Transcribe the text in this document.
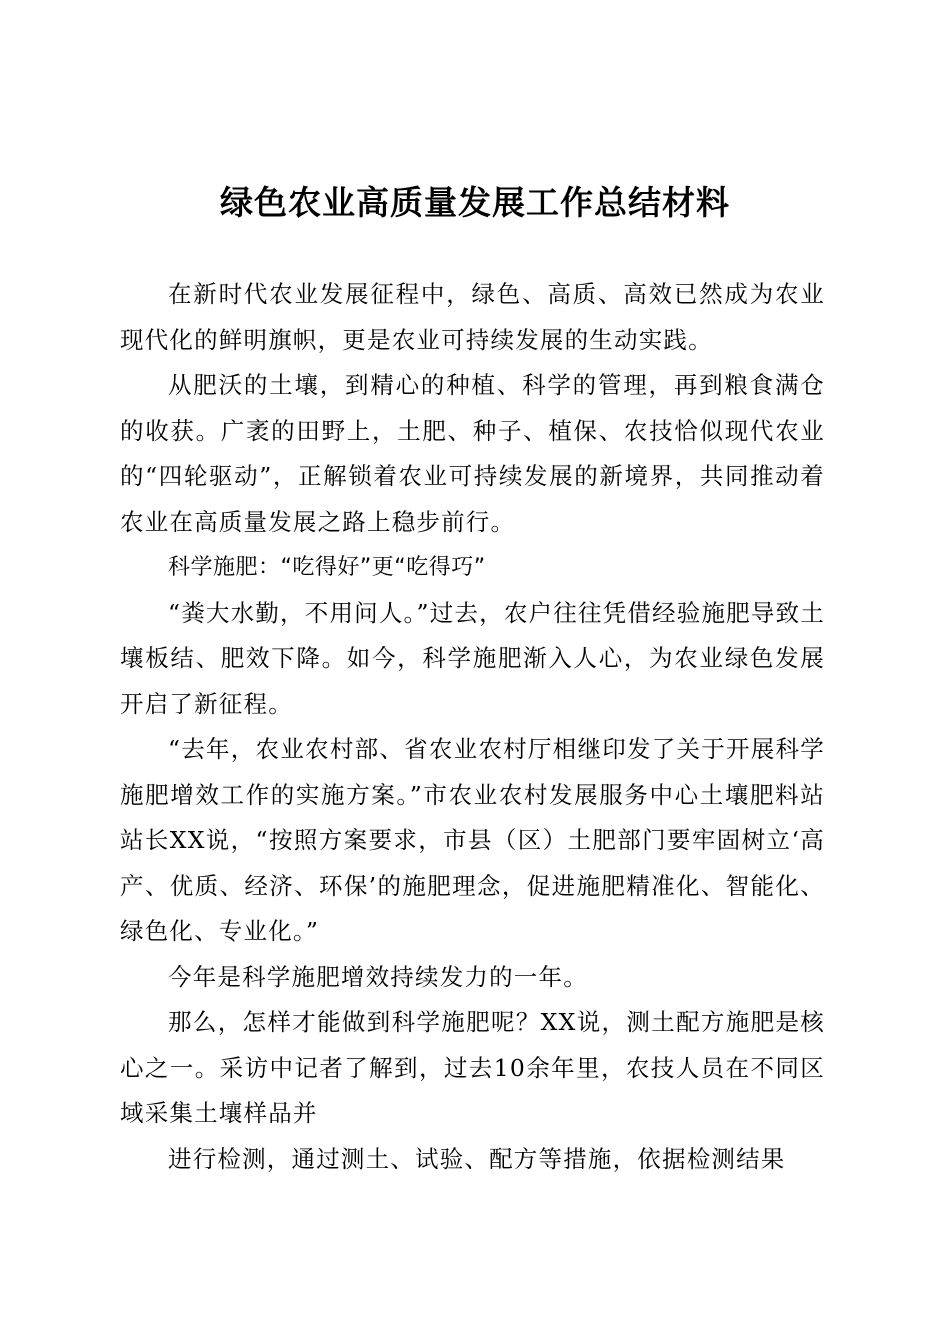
绿色农业高质量发展工作总结材料

在新时代农业发展征程中，绿色、高质、高效已然成为农业现代化的鲜明旗帜，更是农业可持续发展的生动实践。

从肥沃的土壤，到精心的种植、科学的管理，再到粮食满仓的收获。广袤的田野上，土肥、种子、植保、农技恰似现代农业的“四轮驱动”，正解锁着农业可持续发展的新境界，共同推动着农业在高质量发展之路上稳步前行。

科学施肥：“吃得好”更“吃得巧”

“粪大水勤，不用问人。”过去，农户往往凭借经验施肥导致土壤板结、肥效下降。如今，科学施肥渐入人心，为农业绿色发展开启了新征程。

“去年，农业农村部、省农业农村厅相继印发了关于开展科学施肥增效工作的实施方案。”市农业农村发展服务中心土壤肥料站站长XX说，“按照方案要求，市县（区）土肥部门要牢固树立‘高产、优质、经济、环保’的施肥理念，促进施肥精准化、智能化、绿色化、专业化。”

今年是科学施肥增效持续发力的一年。

那么，怎样才能做到科学施肥呢？XX说，测土配方施肥是核心之一。采访中记者了解到，过去10余年里，农技人员在不同区域采集土壤样品并

进行检测，通过测土、试验、配方等措施，依据检测结果
